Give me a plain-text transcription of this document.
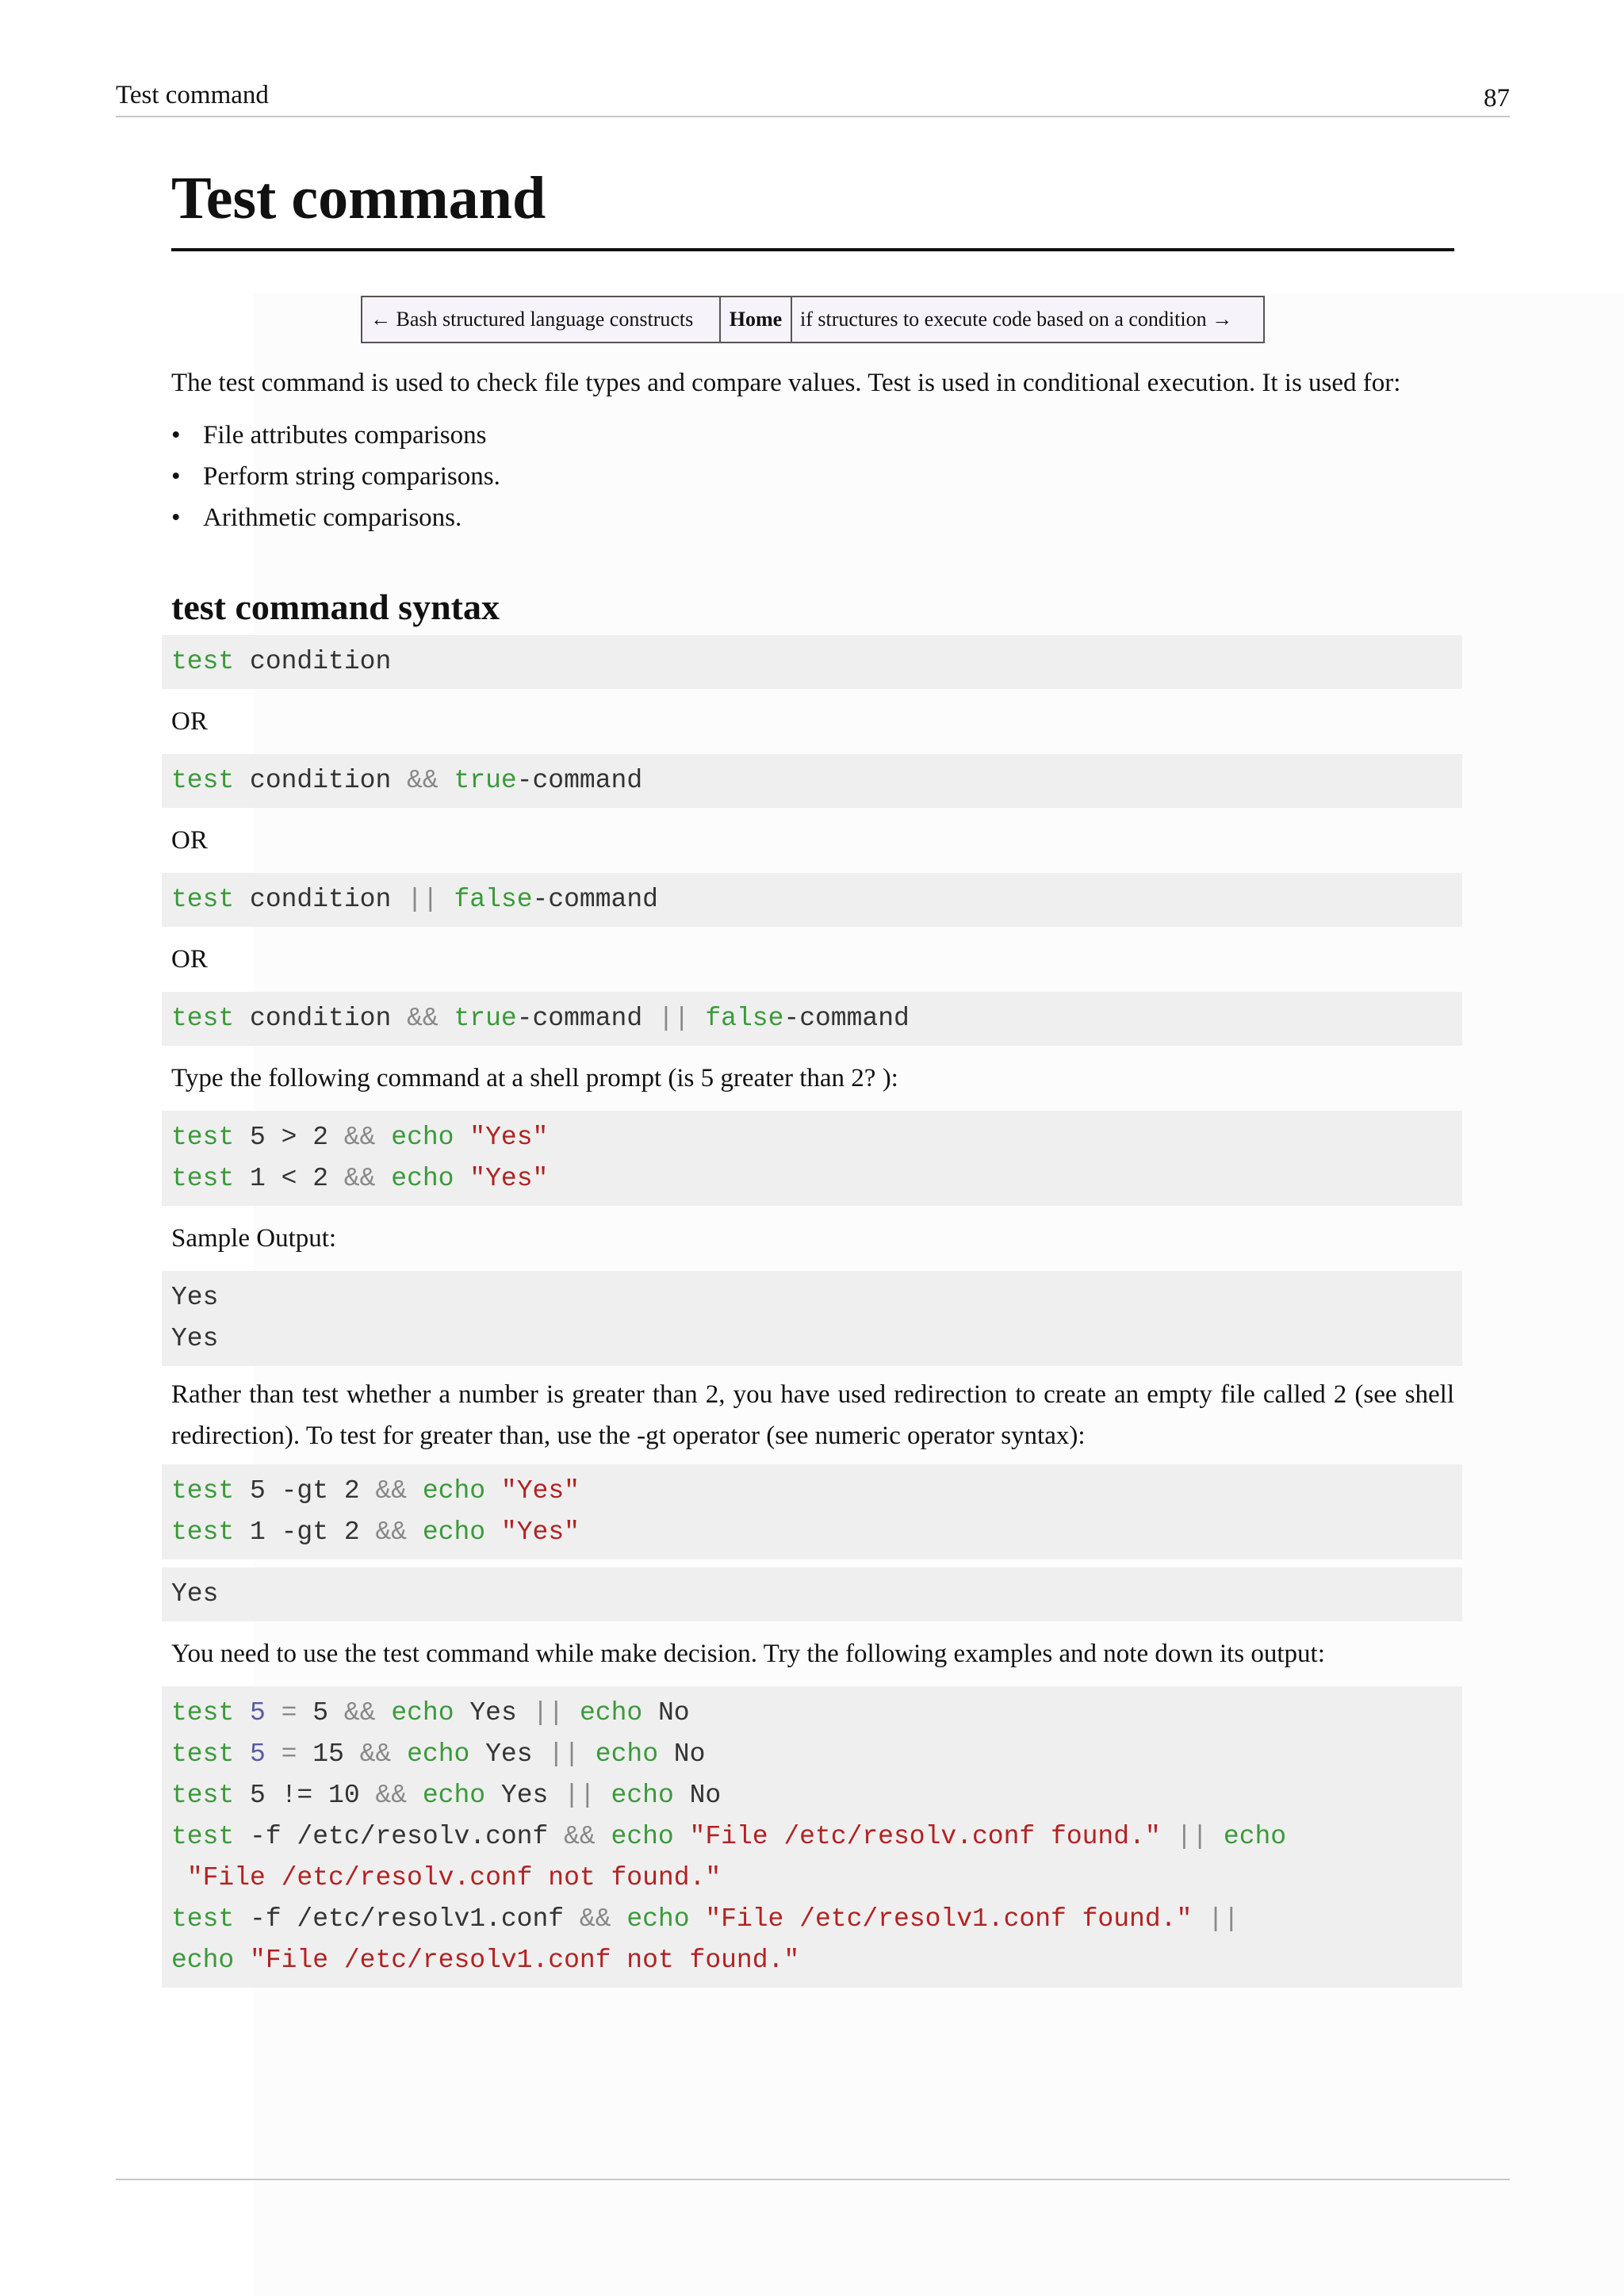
Test command	87
Test command
← Bash structured language constructs	Home if structures to execute code based on a condition →

The test command is used to check file types and compare values. Test is used in conditional execution. It is used for:

• File attributes comparisons
• Perform string comparisons.
• Arithmetic comparisons.
test command syntax
test condition
OR
test condition && true-command
OR
test condition || false-command
OR
test condition && true-command || false-command
Type the following command at a shell prompt (is 5 greater than 2? ):
test 5 > 2 && echo "Yes"
test 1 < 2 && echo "Yes"
Sample Output:
Yes
Yes

Rather than test whether a number is greater than 2, you have used redirection to create an empty file called 2 (see shell redirection). To test for greater than, use the -gt operator (see numeric operator syntax):

test 5 -gt 2 && echo "Yes"
test 1 -gt 2 && echo "Yes"
Yes
You need to use the test command while make decision. Try the following examples and note down its output:
test 5 = 5 && echo Yes || echo No
test 5 = 15 && echo Yes || echo No
test 5 != 10 && echo Yes || echo No
test -f /etc/resolv.conf && echo "File /etc/resolv.conf found." || echo
"File /etc/resolv.conf not found."
test -f /etc/resolv1.conf && echo "File /etc/resolv1.conf found." ||
echo "File /etc/resolv1.conf not found."
